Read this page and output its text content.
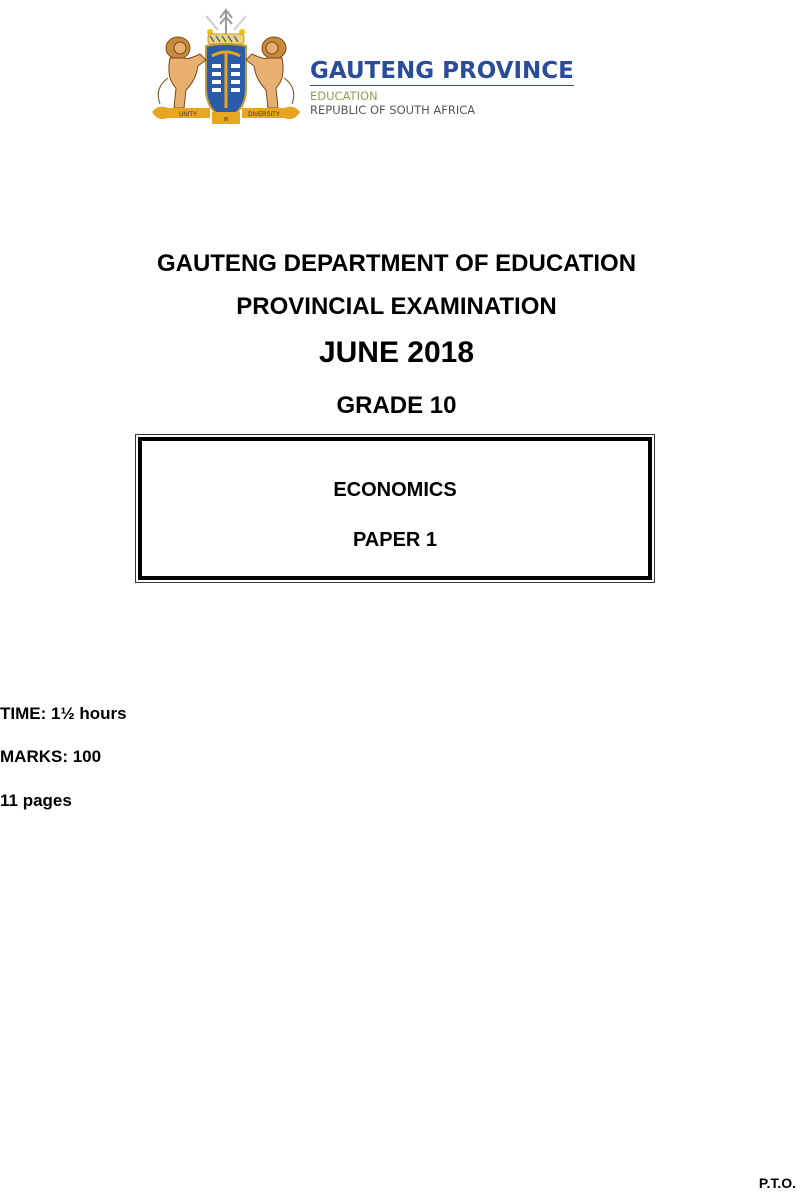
UNITY
IN
DIVERSITY
GAUTENG PROVINCE
EDUCATION
REPUBLIC OF SOUTH AFRICA
GAUTENG DEPARTMENT OF EDUCATION
PROVINCIAL EXAMINATION
JUNE 2018
GRADE 10
ECONOMICS
PAPER 1
TIME: 1½ hours
MARKS: 100
11 pages
P.T.O.
